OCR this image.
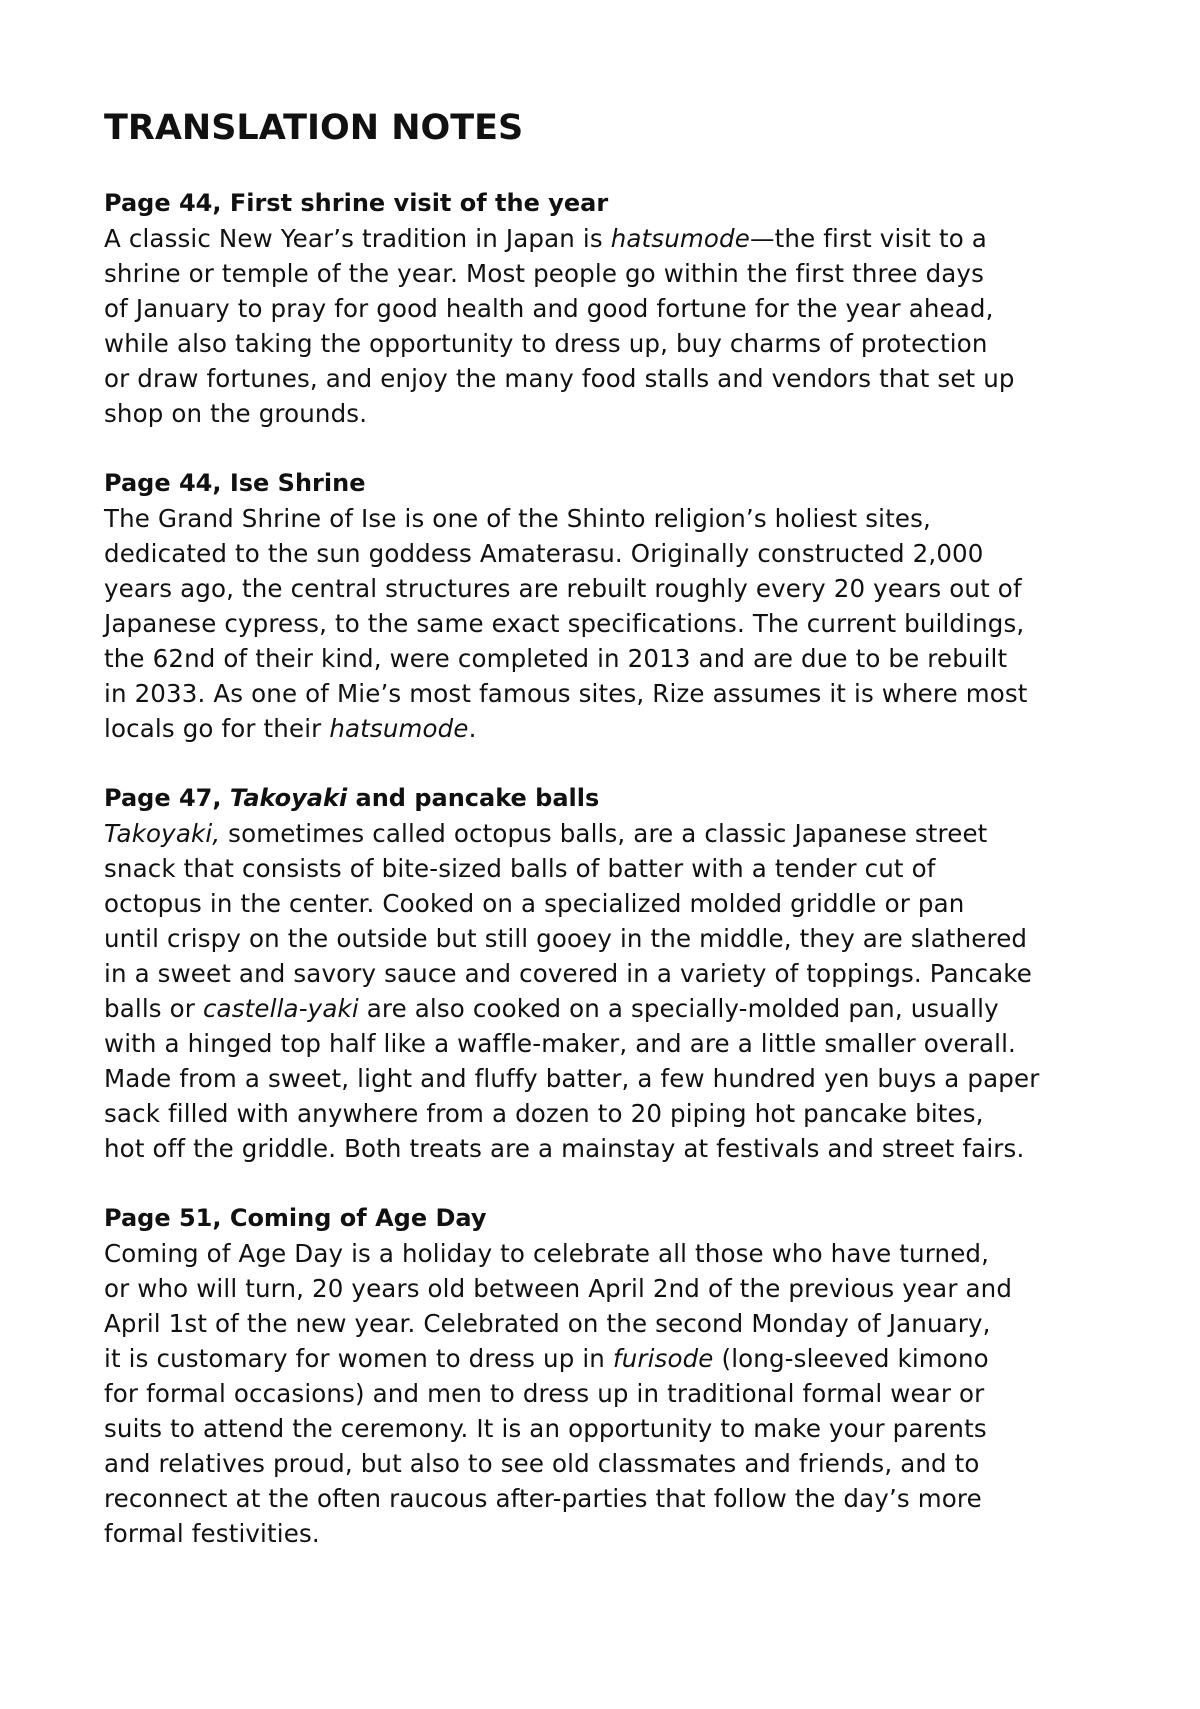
TRANSLATION NOTES
Page 44, First shrine visit of the year

A classic New Year’s tradition in Japan is hatsumode—the first visit to a
shrine or temple of the year. Most people go within the first three days
of January to pray for good health and good fortune for the year ahead,
while also taking the opportunity to dress up, buy charms of protection
or draw fortunes, and enjoy the many food stalls and vendors that set up
shop on the grounds.

Page 44, Ise Shrine

The Grand Shrine of Ise is one of the Shinto religion’s holiest sites,
dedicated to the sun goddess Amaterasu. Originally constructed 2,000
years ago, the central structures are rebuilt roughly every 20 years out of
Japanese cypress, to the same exact specifications. The current buildings,
the 62nd of their kind, were completed in 2013 and are due to be rebuilt
in 2033. As one of Mie’s most famous sites, Rize assumes it is where most
locals go for their hatsumode.

Page 47, Takoyaki and pancake balls

Takoyaki, sometimes called octopus balls, are a classic Japanese street
snack that consists of bite-sized balls of batter with a tender cut of
octopus in the center. Cooked on a specialized molded griddle or pan
until crispy on the outside but still gooey in the middle, they are slathered
in a sweet and savory sauce and covered in a variety of toppings. Pancake
balls or castella-yaki are also cooked on a specially-molded pan, usually
with a hinged top half like a waffle-maker, and are a little smaller overall.
Made from a sweet, light and fluffy batter, a few hundred yen buys a paper
sack filled with anywhere from a dozen to 20 piping hot pancake bites,
hot off the griddle. Both treats are a mainstay at festivals and street fairs.

Page 51, Coming of Age Day

Coming of Age Day is a holiday to celebrate all those who have turned,
or who will turn, 20 years old between April 2nd of the previous year and
April 1st of the new year. Celebrated on the second Monday of January,
it is customary for women to dress up in furisode (long-sleeved kimono
for formal occasions) and men to dress up in traditional formal wear or
suits to attend the ceremony. It is an opportunity to make your parents
and relatives proud, but also to see old classmates and friends, and to
reconnect at the often raucous after-parties that follow the day’s more
formal festivities.
